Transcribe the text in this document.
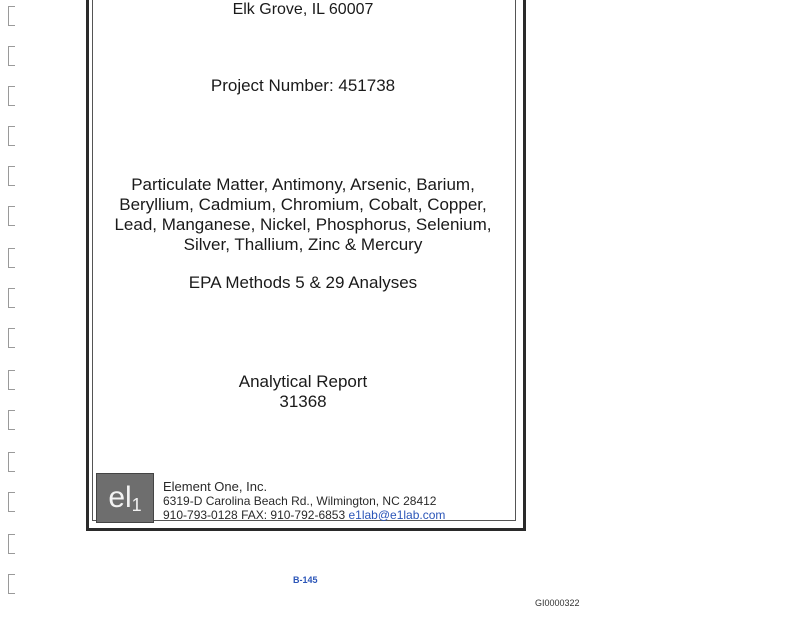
Elk Grove, IL 60007
Project Number: 451738
Particulate Matter, Antimony, Arsenic, Barium,
Beryllium, Cadmium, Chromium, Cobalt, Copper,
Lead, Manganese, Nickel, Phosphorus, Selenium,
Silver, Thallium, Zinc & Mercury
EPA Methods 5 & 29 Analyses
Analytical Report
31368
$el_1$
Element One, Inc.
6319-D Carolina Beach Rd., Wilmington, NC 28412
910-793-0128 FAX: 910-792-6853 e1lab@e1lab.com
B-145
GI0000322
